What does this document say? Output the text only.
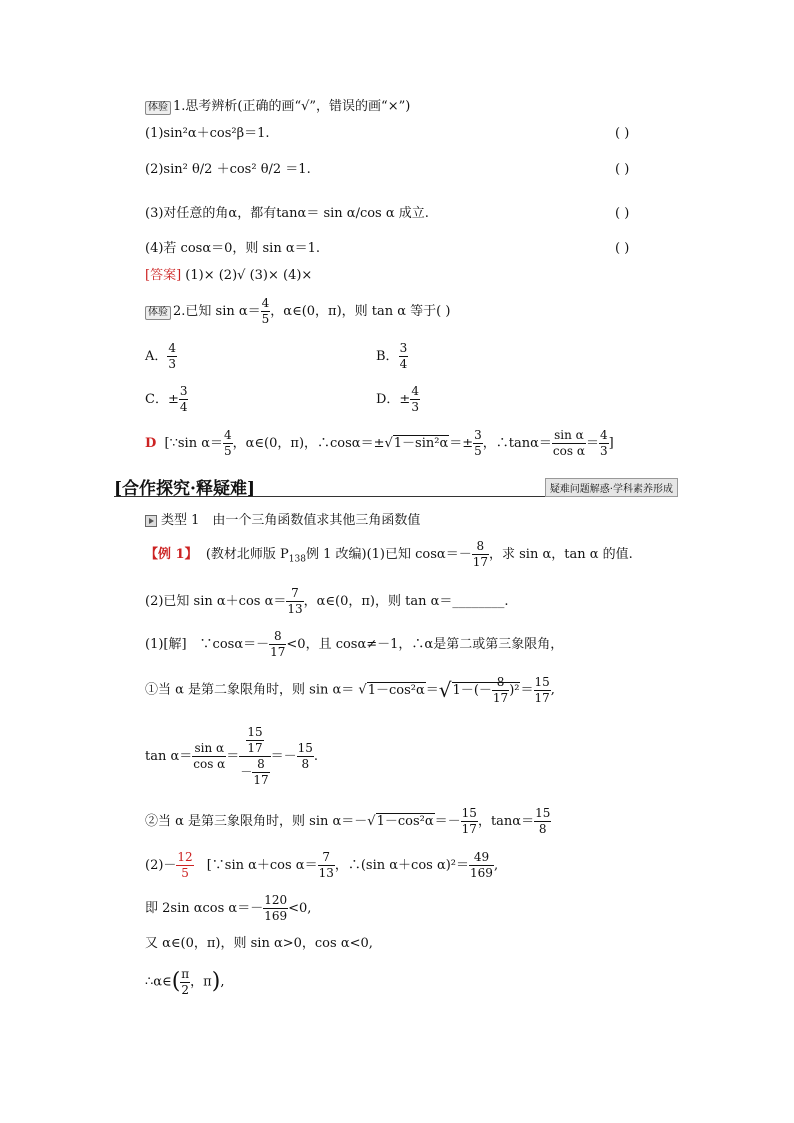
体验 1.思考辨析(正确的画“√”，错误的画“×”)
(1)sin²α＋cos²β＝1.	( )
(2)sin² θ/2 ＋cos² θ/2 ＝1.	( )
(3)对任意的角α，都有tanα＝ sin α/cos α 成立.	( )
(4)若 cosα＝0，则 sin α＝1.	( )
[答案] (1)× (2)√ (3)× (4)×
体验 2.已知 $\sin \alpha= \frac{4}{5}$ ，α∈(0，π)，则 tan α 等于( )
A． $\frac{4}{3}$	B． $\frac{3}{4}$
C．± $\frac{3}{4}$	D．± $\frac{4}{3}$
D [∵sin $\alpha= \frac{4}{5}$ ，α∈(0，π)，∴cosα＝±√1－sin²α＝± $\frac{3}{5}$ ，∴tanα＝ $\frac{\text{sin α}}{\text{cos α}} = \frac{4}{3}$ ]
[合作探究·释疑难]	疑难问题解惑·学科素养形成
类型 1　由一个三角函数值求其他三角函数值
【例 1】 (教材北师版 $P_{138}$例 1 改编)(1)已知 $\cos\alpha=- \frac{8}{17}$ ，求 sin α，tan α 的值.
(2)已知 sin α＋cos $\alpha= \frac{7}{13}$ ，α∈(0，π)，则 tan α＝________.
(1)[解]　∵cosα＝－ $\frac{8}{17} <0$，且 cosα≠－1，∴α是第二或第三象限角，
①当 α 是第二象限角时，则 $\sin \alpha= √1-\cos^2\alpha=√1-(- \frac{8}{17} )^2= \frac{15}{17}$ ,
$\tan \alpha= \frac{\text{sin α}}{\text{cos α}} = \frac{\frac{15}{17}}{- \frac{8}{17}} =- \frac{15}{8}$ .
②当 α 是第三象限角时，则 $\sin \alpha=-√1-\cos^2\alpha=- \frac{15}{17}$ ，$\tan\alpha= \frac{15}{8}$
$(2)- \frac{12}{5}$ 　[∵sin α＋cos $\alpha= \frac{7}{13}$ ，∴(sin α＋cos $\alpha)^2= \frac{49}{169}$ ,
即 2sin αcos $\alpha=- \frac{120}{169} <0$,
又 α∈(0，π)，则 sin α>0，cos α<0,
∴α∈( $\frac{\pi}{2}$ ，π),
